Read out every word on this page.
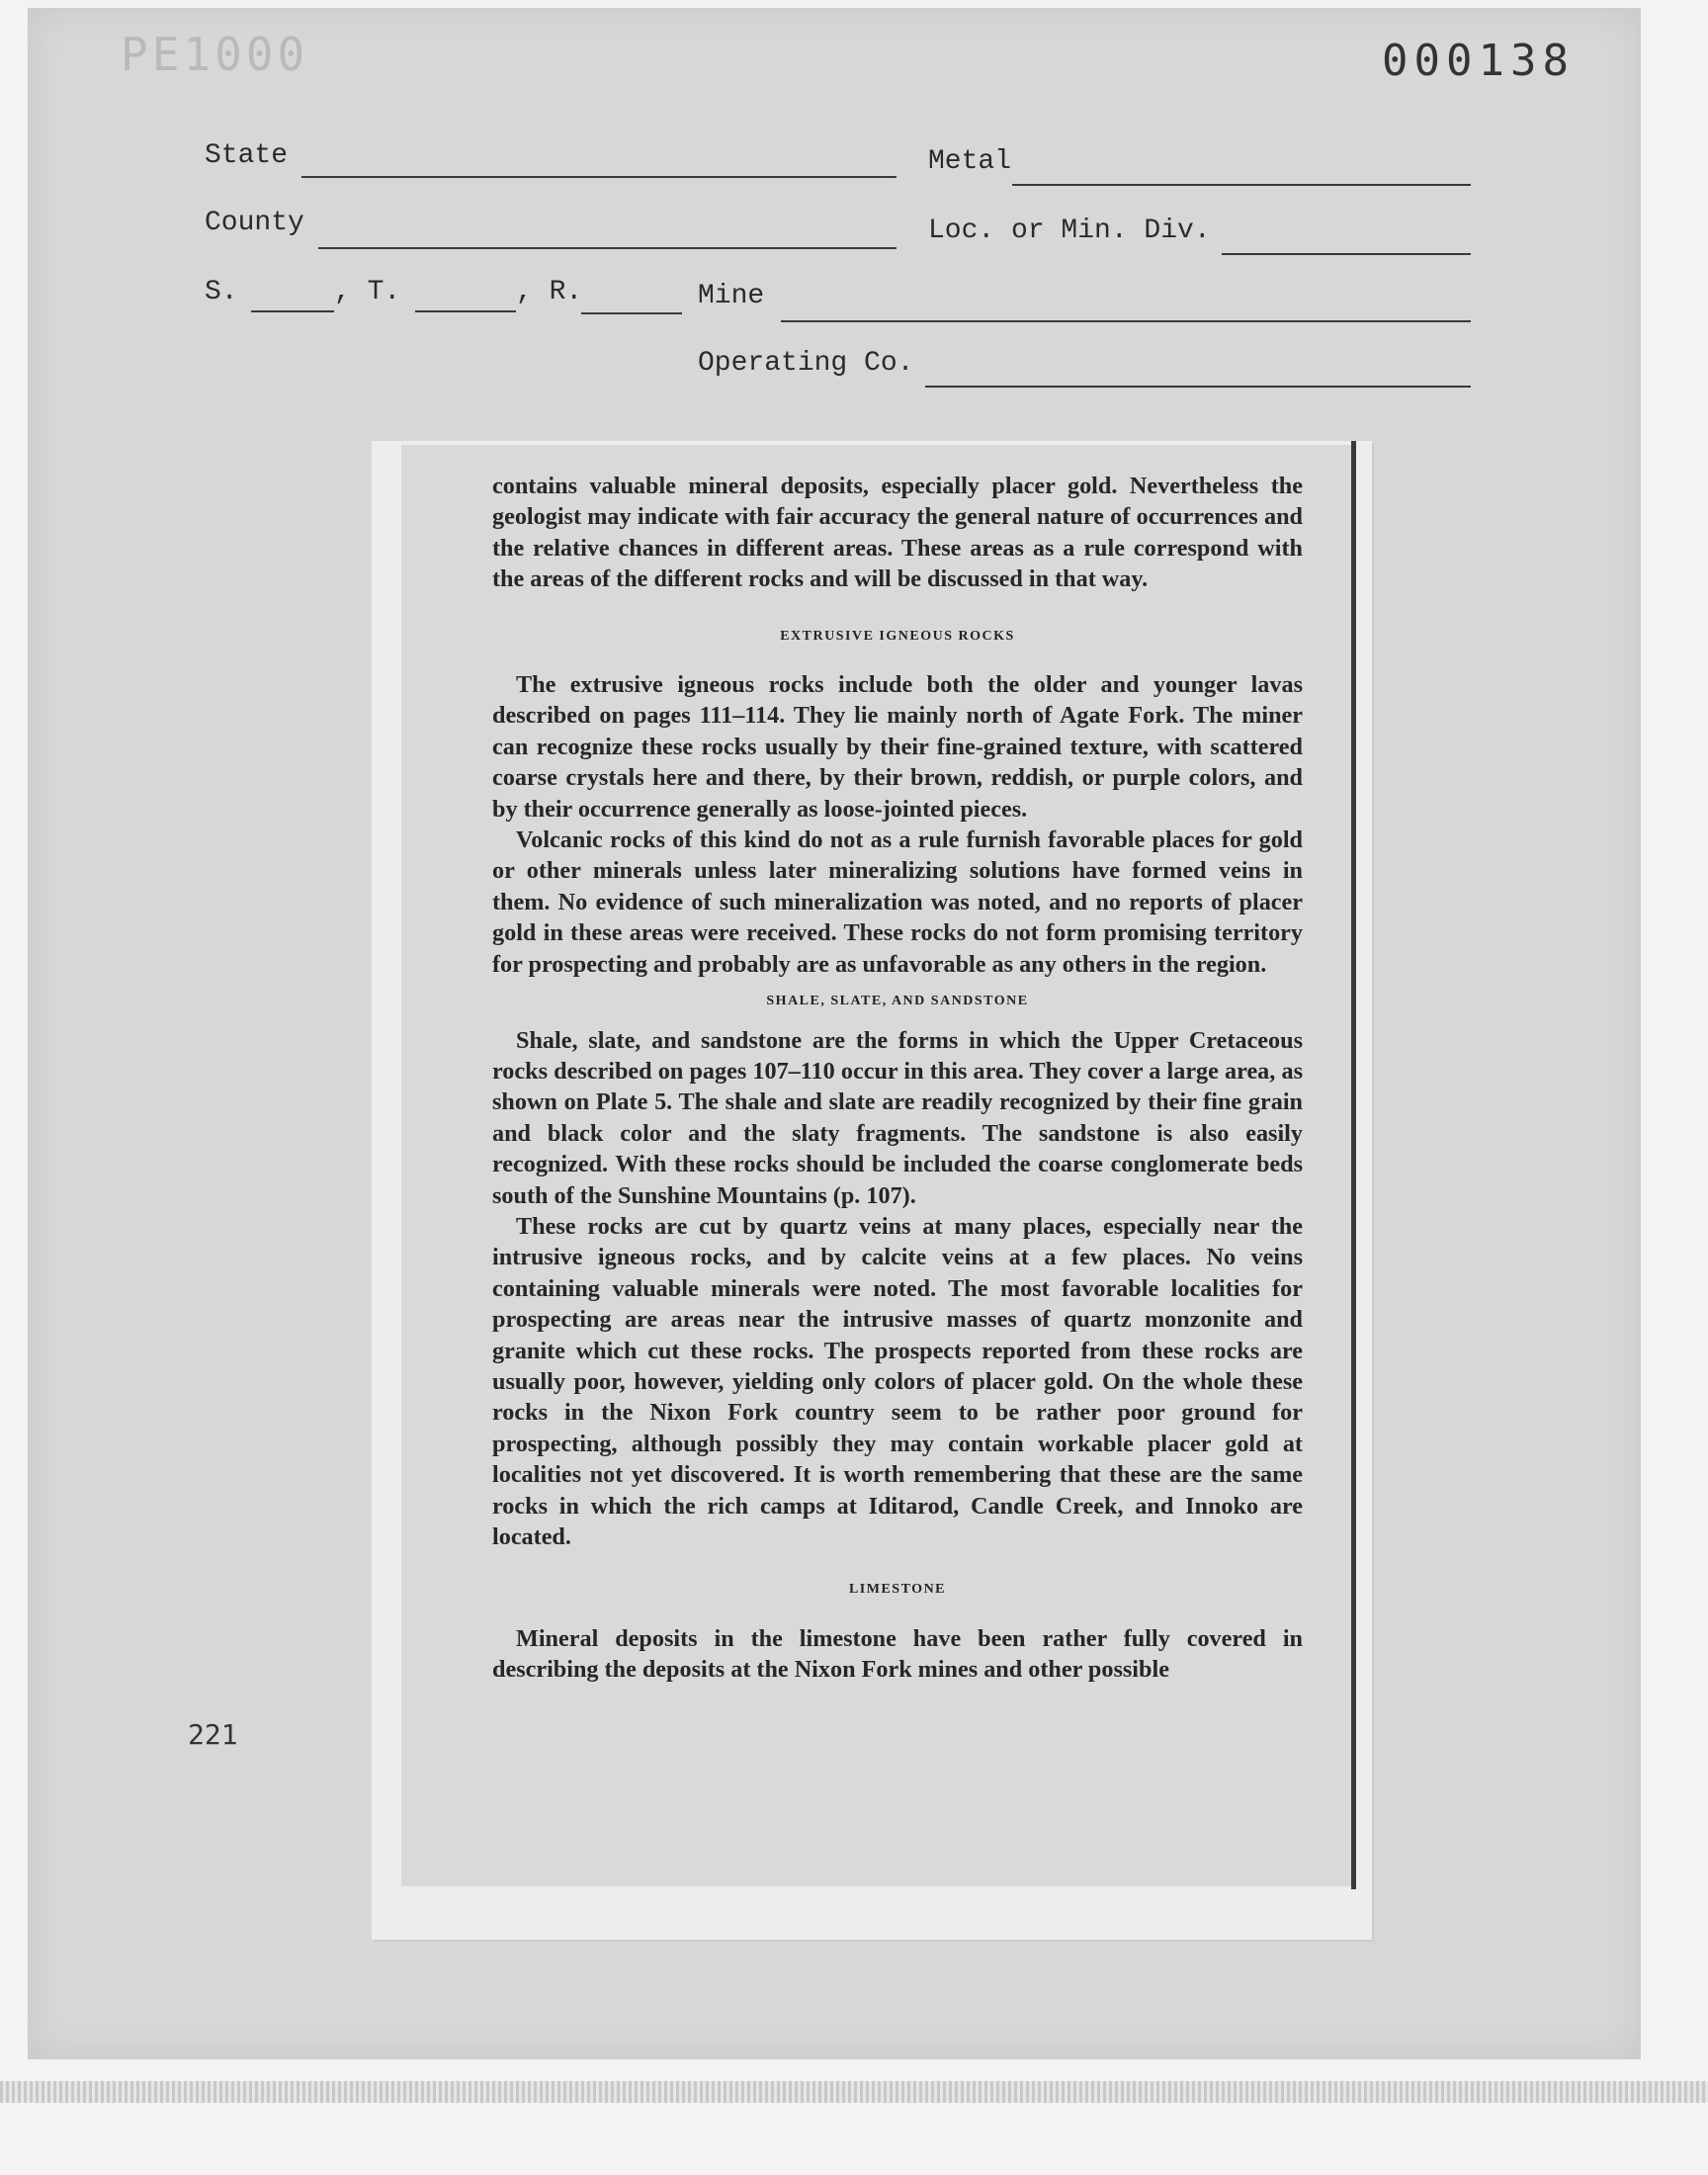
PE1000	000138
State	Metal
County	Loc. or Min. Div.
S.	, T.	, R.	Mine
Operating Co.

contains valuable mineral deposits, especially placer gold. Nevertheless the geologist may indicate with fair accuracy the general nature of occurrences and the relative chances in different areas. These areas as a rule correspond with the areas of the different rocks and will be discussed in that way.

EXTRUSIVE IGNEOUS ROCKS

The extrusive igneous rocks include both the older and younger lavas described on pages 111–114. They lie mainly north of Agate Fork. The miner can recognize these rocks usually by their fine-grained texture, with scattered coarse crystals here and there, by their brown, reddish, or purple colors, and by their occurrence generally as loose-jointed pieces.

Volcanic rocks of this kind do not as a rule furnish favorable places for gold or other minerals unless later mineralizing solutions have formed veins in them. No evidence of such mineralization was noted, and no reports of placer gold in these areas were received. These rocks do not form promising territory for prospecting and probably are as unfavorable as any others in the region.

SHALE, SLATE, AND SANDSTONE

Shale, slate, and sandstone are the forms in which the Upper Cretaceous rocks described on pages 107–110 occur in this area. They cover a large area, as shown on Plate 5. The shale and slate are readily recognized by their fine grain and black color and the slaty fragments. The sandstone is also easily recognized. With these rocks should be included the coarse conglomerate beds south of the Sunshine Mountains (p. 107).

These rocks are cut by quartz veins at many places, especially near the intrusive igneous rocks, and by calcite veins at a few places. No veins containing valuable minerals were noted. The most favorable localities for prospecting are areas near the intrusive masses of quartz monzonite and granite which cut these rocks. The prospects reported from these rocks are usually poor, however, yielding only colors of placer gold. On the whole these rocks in the Nixon Fork country seem to be rather poor ground for prospecting, although possibly they may contain workable placer gold at localities not yet discovered. It is worth remembering that these are the same rocks in which the rich camps at Iditarod, Candle Creek, and Innoko are located.

LIMESTONE

Mineral deposits in the limestone have been rather fully covered in describing the deposits at the Nixon Fork mines and other possible

221
